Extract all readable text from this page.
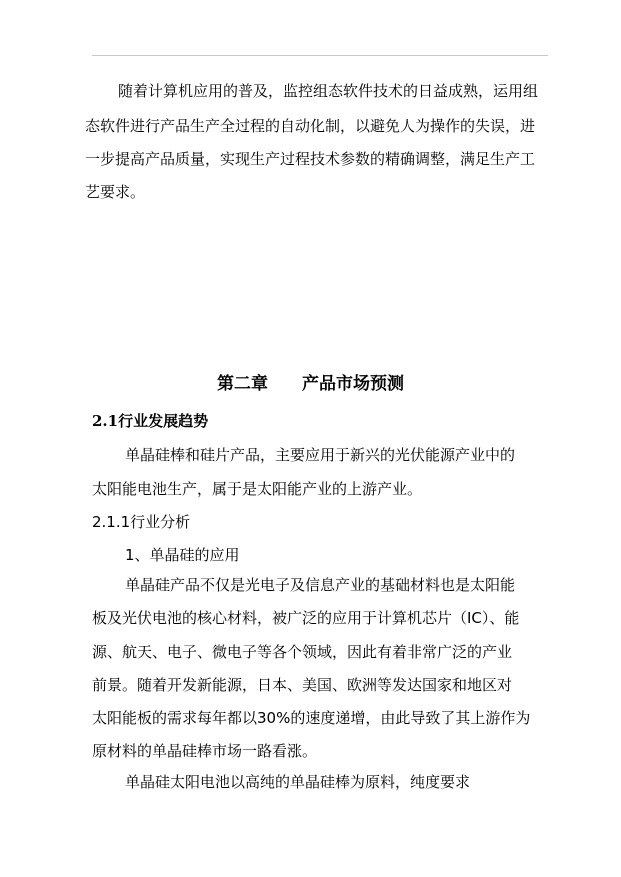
随着计算机应用的普及，监控组态软件技术的日益成熟，运用组
态软件进行产品生产全过程的自动化制，以避免人为操作的失误，进
一步提高产品质量，实现生产过程技术参数的精确调整，满足生产工
艺要求。
第二章 产品市场预测
2.1行业发展趋势
单晶硅棒和硅片产品，主要应用于新兴的光伏能源产业中的
太阳能电池生产，属于是太阳能产业的上游产业。
2.1.1行业分析
1、单晶硅的应用
单晶硅产品不仅是光电子及信息产业的基础材料也是太阳能
板及光伏电池的核心材料，被广泛的应用于计算机芯片（IC）、能
源、航天、电子、微电子等各个领域，因此有着非常广泛的产业
前景。随着开发新能源，日本、美国、欧洲等发达国家和地区对
太阳能板的需求每年都以30%的速度递增，由此导致了其上游作为
原材料的单晶硅棒市场一路看涨。
单晶硅太阳电池以高纯的单晶硅棒为原料，纯度要求
